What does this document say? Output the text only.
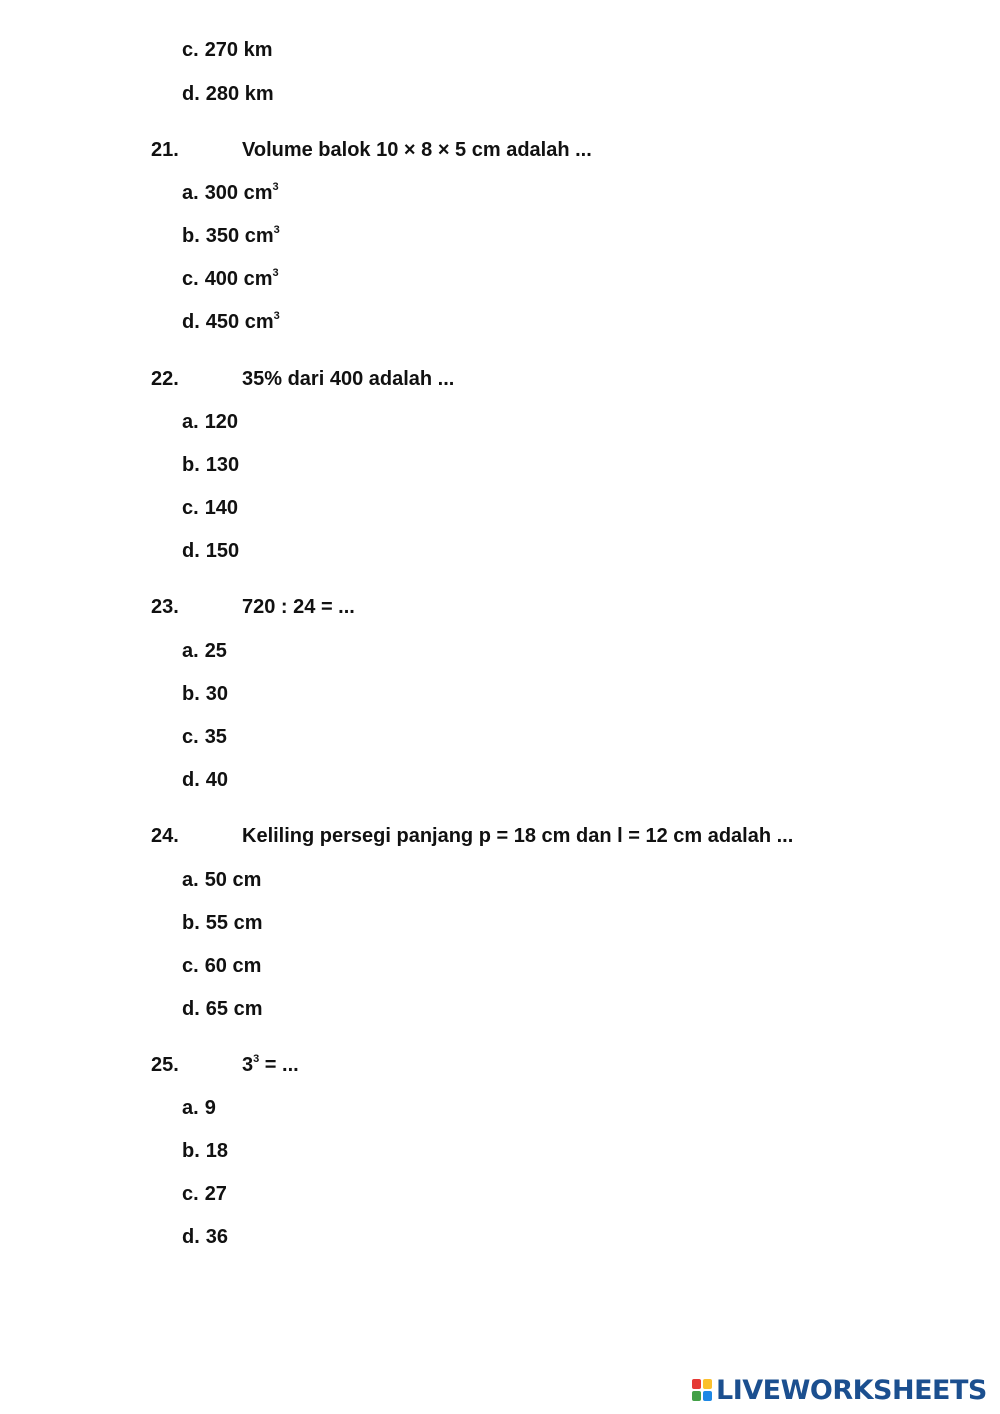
c. 270 km
d. 280 km
21.	Volume balok 10 × 8 × 5 cm adalah ...
a. 300 $cm^3$
b. 350 $cm^3$
c. 400 $cm^3$
d. 450 $cm^3$
22.	35% dari 400 adalah ...
a. 120
b. 130
c. 140
d. 150
23.	720 : 24 = ...
a. 25
b. 30
c. 35
d. 40
24.	Keliling persegi panjang p = 18 cm dan l = 12 cm adalah ...
a. 50 cm
b. 55 cm
c. 60 cm
d. 65 cm
25.	$3^3$ = ...
a. 9
b. 18
c. 27
d. 36
LIVEWORKSHEETS
